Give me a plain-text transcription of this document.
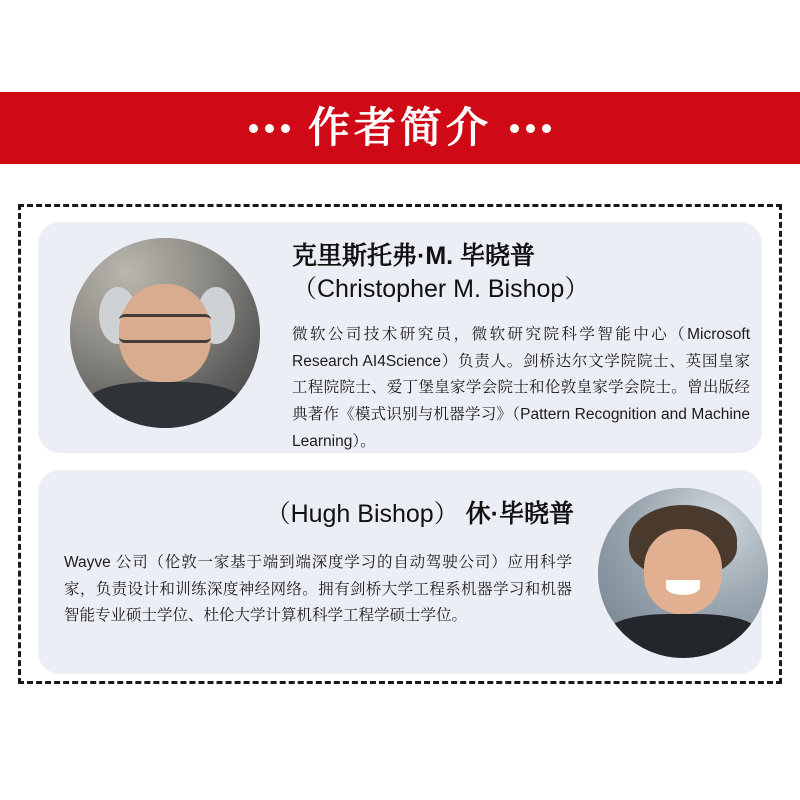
作者简介
克里斯托弗·M. 毕晓普
（Christopher M. Bishop）
微软公司技术研究员，微软研究院科学智能中心（Microsoft Research AI4Science）负责人。剑桥达尔文学院院士、英国皇家工程院院士、爱丁堡皇家学会院士和伦敦皇家学会院士。曾出版经典著作《模式识别与机器学习》（Pattern Recognition and Machine Learning）。
（Hugh Bishop） 休·毕晓普
Wayve 公司（伦敦一家基于端到端深度学习的自动驾驶公司）应用科学家，负责设计和训练深度神经网络。拥有剑桥大学工程系机器学习和机器智能专业硕士学位、杜伦大学计算机科学工程学硕士学位。
